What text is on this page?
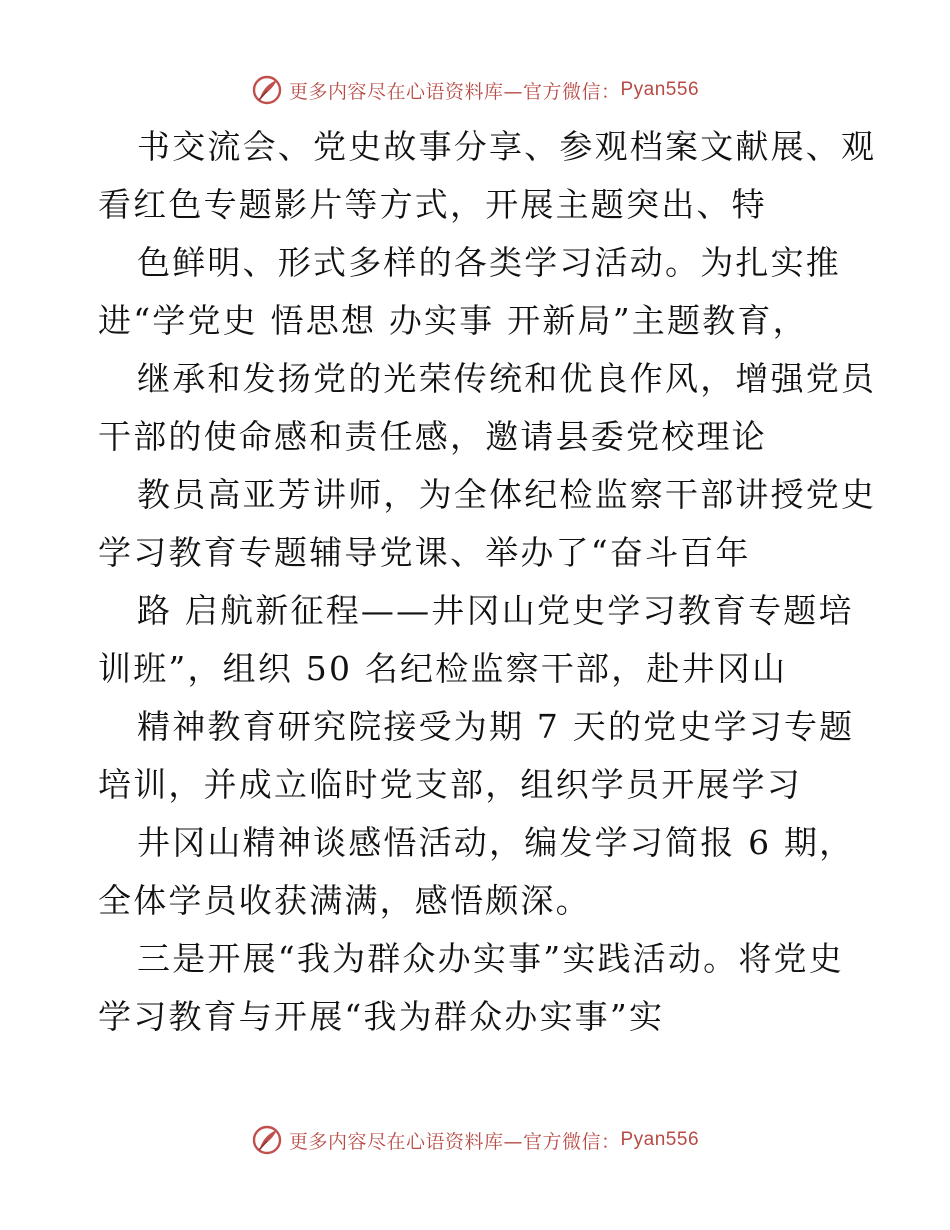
更多内容尽在心语资料库—官方微信： Pyan556
书交流会、党史故事分享、参观档案文献展、观
看红色专题影片等方式，开展主题突出、特
色鲜明、形式多样的各类学习活动。为扎实推
进“学党史 悟思想 办实事 开新局”主题教育，
继承和发扬党的光荣传统和优良作风，增强党员
干部的使命感和责任感，邀请县委党校理论
教员高亚芳讲师，为全体纪检监察干部讲授党史
学习教育专题辅导党课、举办了“奋斗百年
路 启航新征程——井冈山党史学习教育专题培
训班”，组织 50 名纪检监察干部，赴井冈山
精神教育研究院接受为期 7 天的党史学习专题
培训，并成立临时党支部，组织学员开展学习
井冈山精神谈感悟活动，编发学习简报 6 期，
全体学员收获满满，感悟颇深。
三是开展“我为群众办实事”实践活动。将党史
学习教育与开展“我为群众办实事”实
更多内容尽在心语资料库—官方微信： Pyan556
